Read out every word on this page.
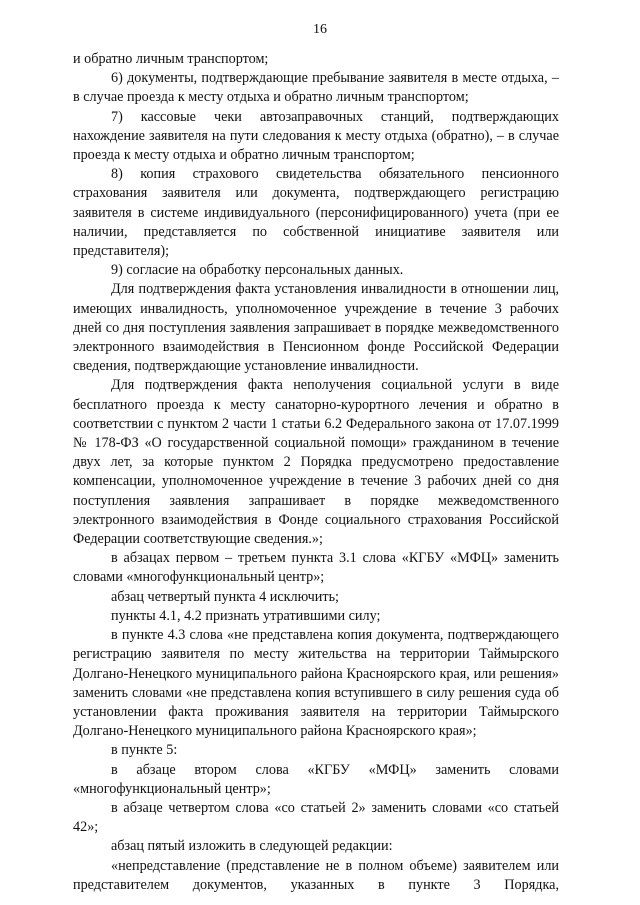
16

и обратно личным транспортом;

6) документы, подтверждающие пребывание заявителя в месте отдыха, – в случае проезда к месту отдыха и обратно личным транспортом;

7) кассовые чеки автозаправочных станций, подтверждающих нахождение заявителя на пути следования к месту отдыха (обратно), – в случае проезда к месту отдыха и обратно личным транспортом;

8) копия страхового свидетельства обязательного пенсионного страхования заявителя или документа, подтверждающего регистрацию заявителя в системе индивидуального (персонифицированного) учета (при ее наличии, представляется по собственной инициативе заявителя или представителя);

9) согласие на обработку персональных данных.

Для подтверждения факта установления инвалидности в отношении лиц, имеющих инвалидность, уполномоченное учреждение в течение 3 рабочих дней со дня поступления заявления запрашивает в порядке межведомственного электронного взаимодействия в Пенсионном фонде Российской Федерации сведения, подтверждающие установление инвалидности.

Для подтверждения факта неполучения социальной услуги в виде бесплатного проезда к месту санаторно-курортного лечения и обратно в соответствии с пунктом 2 части 1 статьи 6.2 Федерального закона от 17.07.1999 № 178-ФЗ «О государственной социальной помощи» гражданином в течение двух лет, за которые пунктом 2 Порядка предусмотрено предоставление компенсации, уполномоченное учреждение в течение 3 рабочих дней со дня поступления заявления запрашивает в порядке межведомственного электронного взаимодействия в Фонде социального страхования Российской Федерации соответствующие сведения.»;

в абзацах первом – третьем пункта 3.1 слова «КГБУ «МФЦ» заменить словами «многофункциональный центр»;

абзац четвертый пункта 4 исключить;

пункты 4.1, 4.2 признать утратившими силу;

в пункте 4.3 слова «не представлена копия документа, подтверждающего регистрацию заявителя по месту жительства на территории Таймырского Долгано-Ненецкого муниципального района Красноярского края, или решения» заменить словами «не представлена копия вступившего в силу решения суда об установлении факта проживания заявителя на территории Таймырского Долгано-Ненецкого муниципального района Красноярского края»;

в пункте 5:

в абзаце втором слова «КГБУ «МФЦ» заменить словами «многофункциональный центр»;

в абзаце четвертом слова «со статьей 2» заменить словами «со статьей 42»;

абзац пятый изложить в следующей редакции:

«непредставление (представление не в полном объеме) заявителем или представителем документов, указанных в пункте 3 Порядка,
